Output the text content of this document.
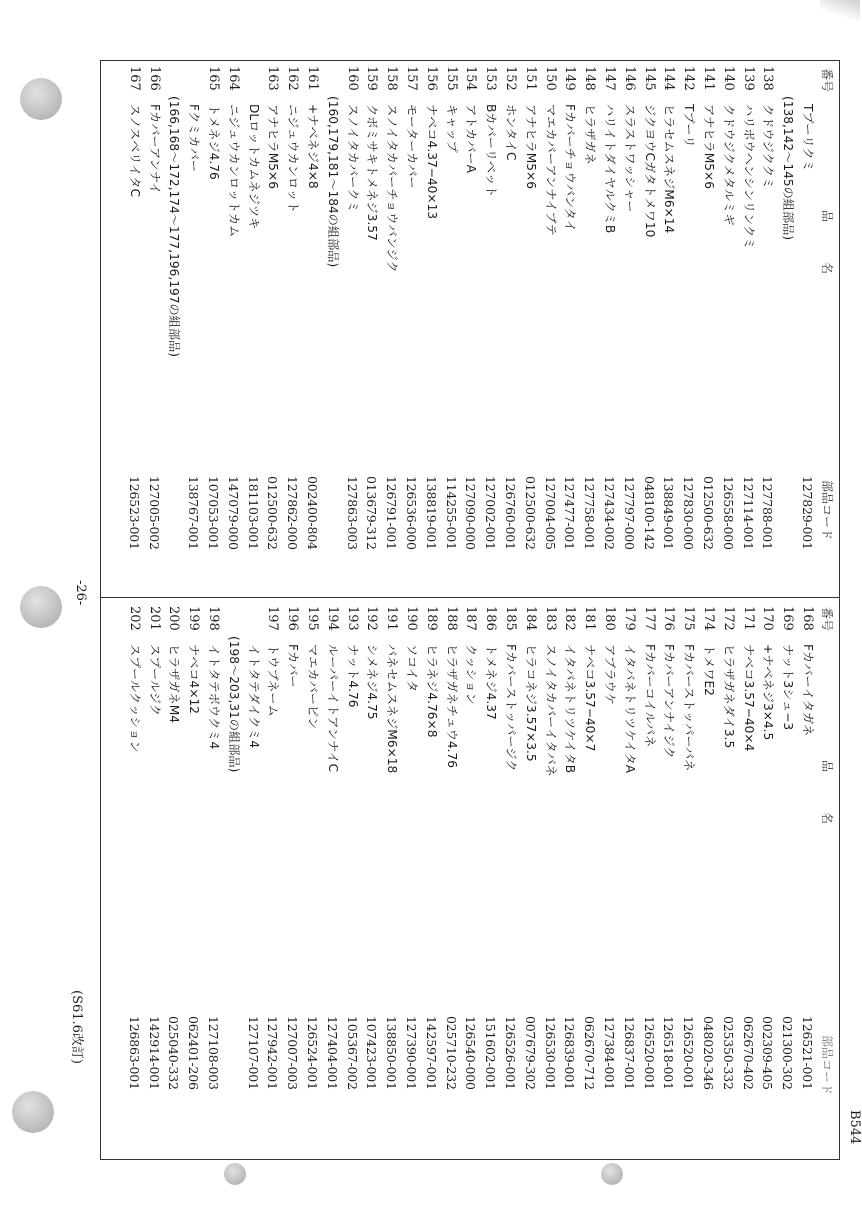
番号
品名
部品コード
番号
品名
部品コード
Tプーリクミ
127829-001
(138,142〜145の組部品)
138
クドウジククミ
127788-001
139
ハリボウヘンシンリンクミ
127114-001
140
クドウジクメタルミギ
126558-000
141
アナヒラM5×6
012500-632
142
Tプーリ
127830-000
144
ヒラセムスネジM6×14
138849-001
145
ジクヨウCガタトメワ10
048100-142
146
スラストワッシャー
127797-000
147
ハリイトダイヤルクミB
127434-002
148
ヒラザガネ
127758-001
149
Fカバーチョウバンタイ
127477-001
150
マエカバーアンナイブテ
127004-005
151
アナヒラM5×6
012500-632
152
ホンタイC
126760-001
153
Bカバーリベット
127002-001
154
アトカバーA
127090-000
155
キャップ
114255-001
156
ナベコ4.37−40×13
138819-001
157
モーターカバー
126536-000
158
スノイタカバーチョウバンジク
126791-001
159
クボミサキトメネジ3.57
013679-312
160
スノイタカバークミ
127863-003
(160,179,181〜184の組部品)
161
+ナベネジ4×8
002400-804
162
ニジュウカンロット
127862-000
163
アナヒラM5×6
012500-632
DLロットカムネジツキ
181103-001
164
ニジュウカンロットカム
147079-000
165
トメネジ4.76
107053-001
Fクミカバー
138767-001
(166,168〜172,174〜177,196,197の組部品)
166
Fカバーアンナイ
127005-002
167
スノスベリイタC
126523-001
168
Fカバーイタガネ
126521-001
169
ナット3シュ−3
021300-302
170
+ナベネジ3×4.5
002309-405
171
ナベコ3.57−40×4
062670-402
172
ヒラザガネダイ3.5
025350-332
174
トメワE2
048020-346
175
Fカバーストッパーバネ
126520-001
176
Fカバーアンナイジク
126518-001
177
Fカバーコイルバネ
126520-001
179
イタバネトリツケイタA
126837-001
180
アブラウケ
127384-001
181
ナベコ3.57−40×7
062670-712
182
イタバネトリツケイタB
126839-001
183
スノイタカバーイタバネ
126530-001
184
ヒラコネジ3.57×3.5
007679-302
185
Fカバーストッパージク
126526-001
186
トメネジ4.37
151602-001
187
クッション
126540-000
188
ヒラザガネチュウ4.76
025710-232
189
ヒラネジ4.76×8
142597-001
190
ソコイタ
127390-001
191
バネセムスネジM6×18
138850-001
192
シメネジ4.75
107423-001
193
ナット4.76
105367-002
194
ルーパーイトアンナイC
127404-001
195
マエカバーピン
126524-001
196
Fカバー
127007-003
197
トウブネーム
127942-001
イトタテダイクミ4
127107-001
(198〜203,31の組部品)
198
イトタテボウクミ4
127108-003
199
ナベコ4×12
062401-206
200
ヒラザガネM4
025040-332
201
スプールジク
142914-001
202
スプールクッション
126863-001
-26-
(S61.6改訂)
B544
